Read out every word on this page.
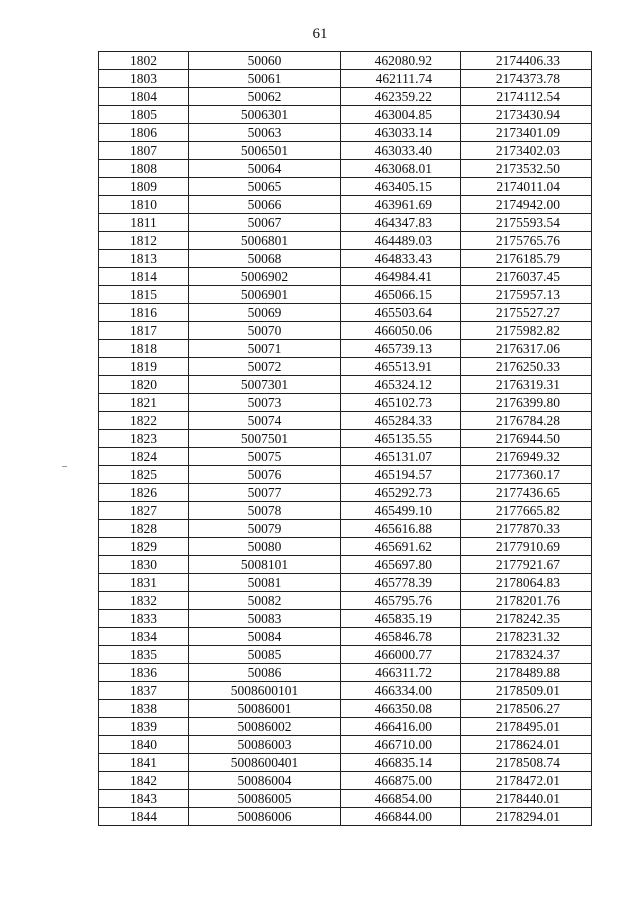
61
1802	50060	462080.92	2174406.33
1803	50061	462111.74	2174373.78
1804	50062	462359.22	2174112.54
1805	5006301	463004.85	2173430.94
1806	50063	463033.14	2173401.09
1807	5006501	463033.40	2173402.03
1808	50064	463068.01	2173532.50
1809	50065	463405.15	2174011.04
1810	50066	463961.69	2174942.00
1811	50067	464347.83	2175593.54
1812	5006801	464489.03	2175765.76
1813	50068	464833.43	2176185.79
1814	5006902	464984.41	2176037.45
1815	5006901	465066.15	2175957.13
1816	50069	465503.64	2175527.27
1817	50070	466050.06	2175982.82
1818	50071	465739.13	2176317.06
1819	50072	465513.91	2176250.33
1820	5007301	465324.12	2176319.31
1821	50073	465102.73	2176399.80
1822	50074	465284.33	2176784.28
1823	5007501	465135.55	2176944.50
1824	50075	465131.07	2176949.32
1825	50076	465194.57	2177360.17
1826	50077	465292.73	2177436.65
1827	50078	465499.10	2177665.82
1828	50079	465616.88	2177870.33
1829	50080	465691.62	2177910.69
1830	5008101	465697.80	2177921.67
1831	50081	465778.39	2178064.83
1832	50082	465795.76	2178201.76
1833	50083	465835.19	2178242.35
1834	50084	465846.78	2178231.32
1835	50085	466000.77	2178324.37
1836	50086	466311.72	2178489.88
1837	5008600101	466334.00	2178509.01
1838	50086001	466350.08	2178506.27
1839	50086002	466416.00	2178495.01
1840	50086003	466710.00	2178624.01
1841	5008600401	466835.14	2178508.74
1842	50086004	466875.00	2178472.01
1843	50086005	466854.00	2178440.01
1844	50086006	466844.00	2178294.01
